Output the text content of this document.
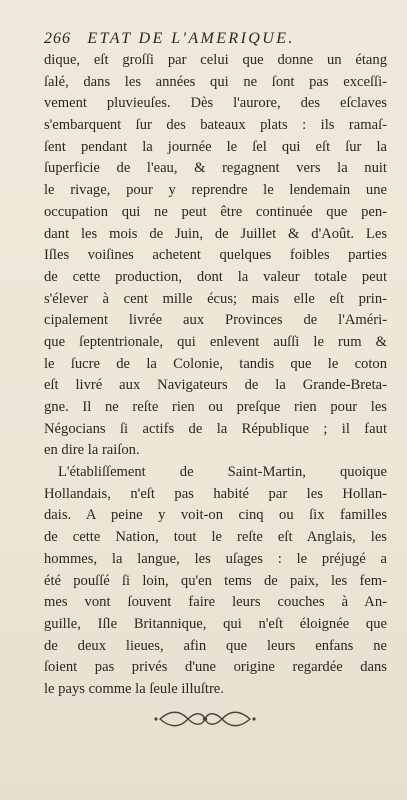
266 ETAT DE L'AMERIQUE.
dique, eſt groſſi par celui que donne un étang
ſalé, dans les années qui ne ſont pas exceſſi-
vement pluvieuſes. Dès l'aurore, des eſclaves
s'embarquent ſur des bateaux plats : ils ramaſ-
ſent pendant la journée le ſel qui eſt ſur la
ſuperficie de l'eau, & regagnent vers la nuit
le rivage, pour y reprendre le lendemain une
occupation qui ne peut être continuée que pen-
dant les mois de Juin, de Juillet & d'Août. Les
Iſles voiſines achetent quelques foibles parties
de cette production, dont la valeur totale peut
s'élever à cent mille écus; mais elle eſt prin-
cipalement livrée aux Provinces de l'Améri-
que ſeptentrionale, qui enlevent auſſi le rum &
le ſucre de la Colonie, tandis que le coton
eſt livré aux Navigateurs de la Grande-Breta-
gne. Il ne reſte rien ou preſque rien pour les
Négocians ſi actifs de la République ; il faut
en dire la raiſon.
L'établiſſement de Saint-Martin, quoique
Hollandais, n'eſt pas habité par les Hollan-
dais. A peine y voit-on cinq ou ſix familles
de cette Nation, tout le reſte eſt Anglais, les
hommes, la langue, les uſages : le préjugé a
été pouſſé ſi loin, qu'en tems de paix, les fem-
mes vont ſouvent faire leurs couches à An-
guille, Iſle Britannique, qui n'eſt éloignée que
de deux lieues, afin que leurs enfans ne
ſoient pas privés d'une origine regardée dans
le pays comme la ſeule illuſtre.
